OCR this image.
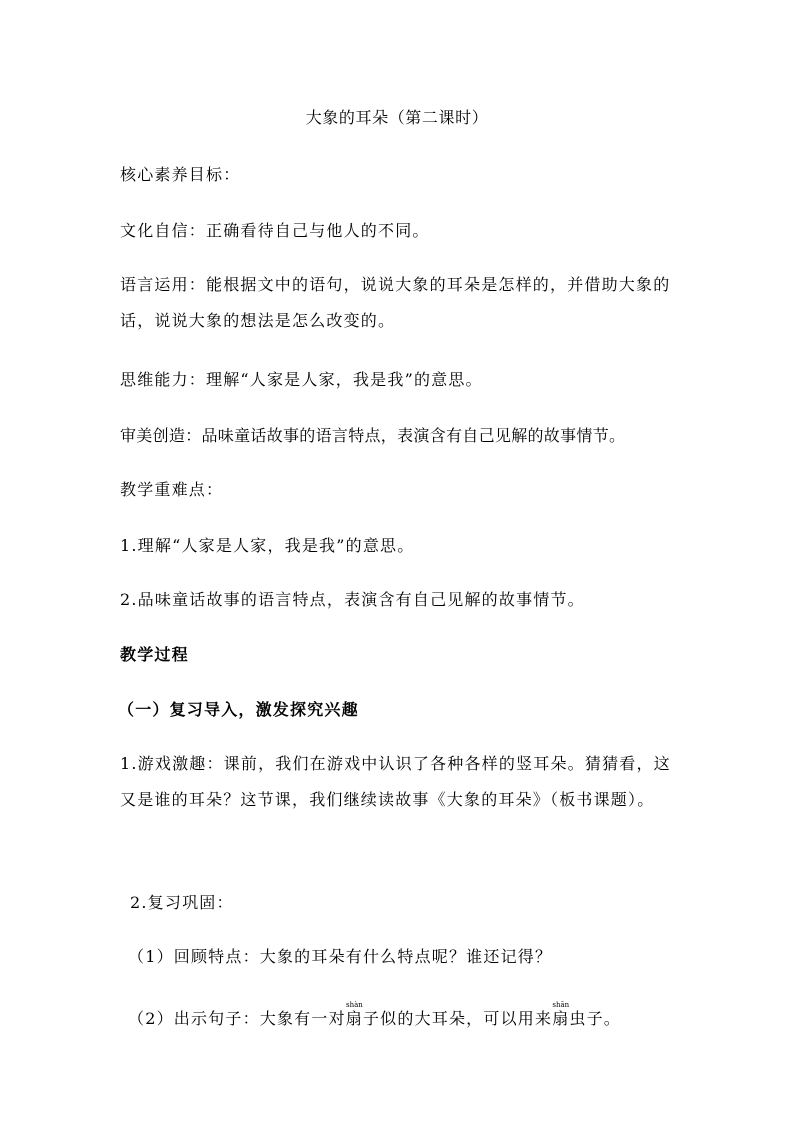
大象的耳朵（第二课时）
核心素养目标：
文化自信：正确看待自己与他人的不同。
语言运用：能根据文中的语句，说说大象的耳朵是怎样的，并借助大象的话，说说大象的想法是怎么改变的。
思维能力：理解“人家是人家，我是我”的意思。
审美创造：品味童话故事的语言特点，表演含有自己见解的故事情节。
教学重难点：
1.理解“人家是人家，我是我”的意思。
2.品味童话故事的语言特点，表演含有自己见解的故事情节。
教学过程
（一）复习导入，激发探究兴趣
1.游戏激趣：课前，我们在游戏中认识了各种各样的竖耳朵。猜猜看，这又是谁的耳朵？这节课，我们继续读故事《大象的耳朵》（板书课题）。
2.复习巩固：
（1）回顾特点：大象的耳朵有什么特点呢？谁还记得？
（2）出示句子：大象有一对扇shàn子似的大耳朵，可以用来扇shān虫子。
